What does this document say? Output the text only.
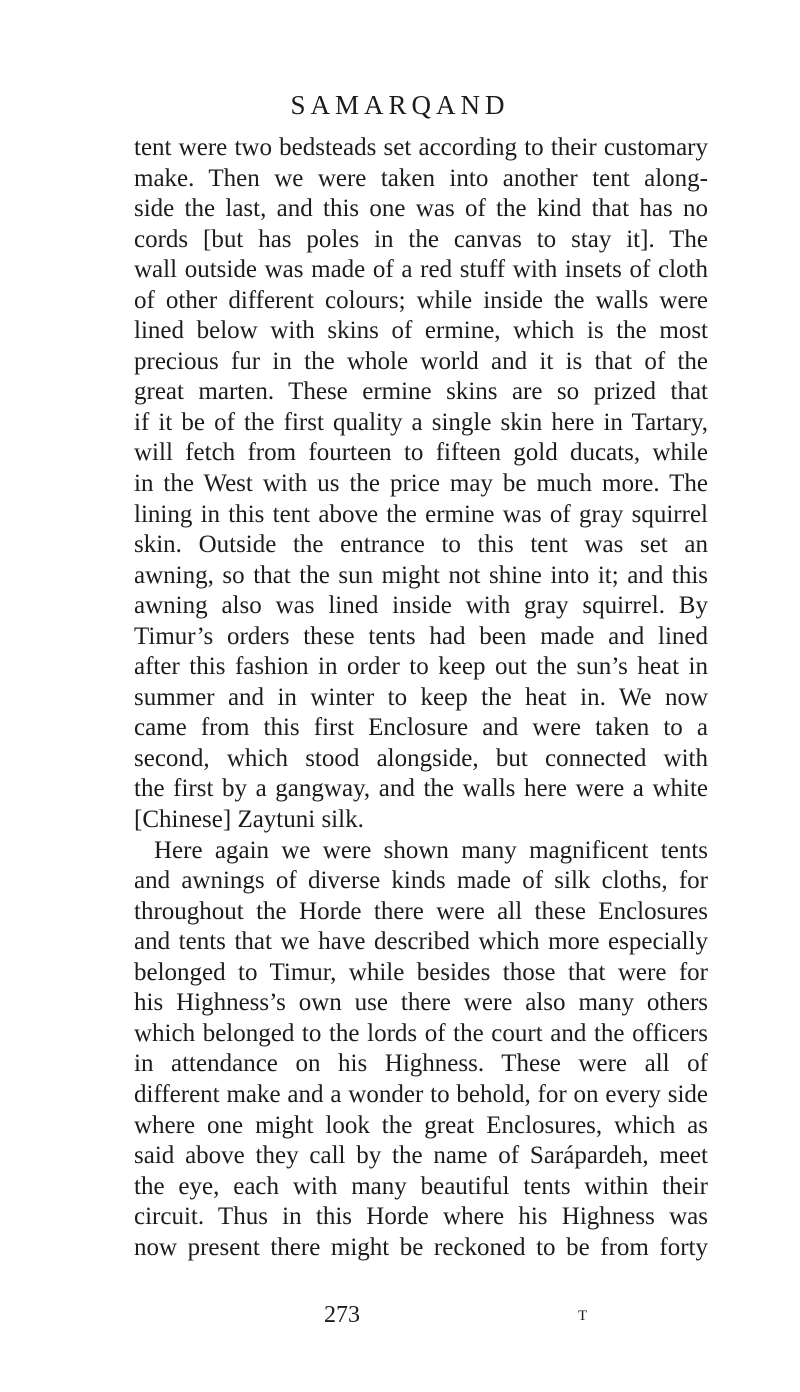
SAMARQAND
tent were two bedsteads set according to their customary
make. Then we were taken into another tent along-
side the last, and this one was of the kind that has no
cords [but has poles in the canvas to stay it]. The
wall outside was made of a red stuff with insets of cloth
of other different colours; while inside the walls were
lined below with skins of ermine, which is the most
precious fur in the whole world and it is that of the
great marten. These ermine skins are so prized that
if it be of the first quality a single skin here in Tartary,
will fetch from fourteen to fifteen gold ducats, while
in the West with us the price may be much more. The
lining in this tent above the ermine was of gray squirrel
skin. Outside the entrance to this tent was set an
awning, so that the sun might not shine into it; and this
awning also was lined inside with gray squirrel. By
Timur’s orders these tents had been made and lined
after this fashion in order to keep out the sun’s heat in
summer and in winter to keep the heat in. We now
came from this first Enclosure and were taken to a
second, which stood alongside, but connected with
the first by a gangway, and the walls here were a white
[Chinese] Zaytuni silk.
Here again we were shown many magnificent tents
and awnings of diverse kinds made of silk cloths, for
throughout the Horde there were all these Enclosures
and tents that we have described which more especially
belonged to Timur, while besides those that were for
his Highness’s own use there were also many others
which belonged to the lords of the court and the officers
in attendance on his Highness. These were all of
different make and a wonder to behold, for on every side
where one might look the great Enclosures, which as
said above they call by the name of Sarápardeh, meet
the eye, each with many beautiful tents within their
circuit. Thus in this Horde where his Highness was
now present there might be reckoned to be from forty
273	T
